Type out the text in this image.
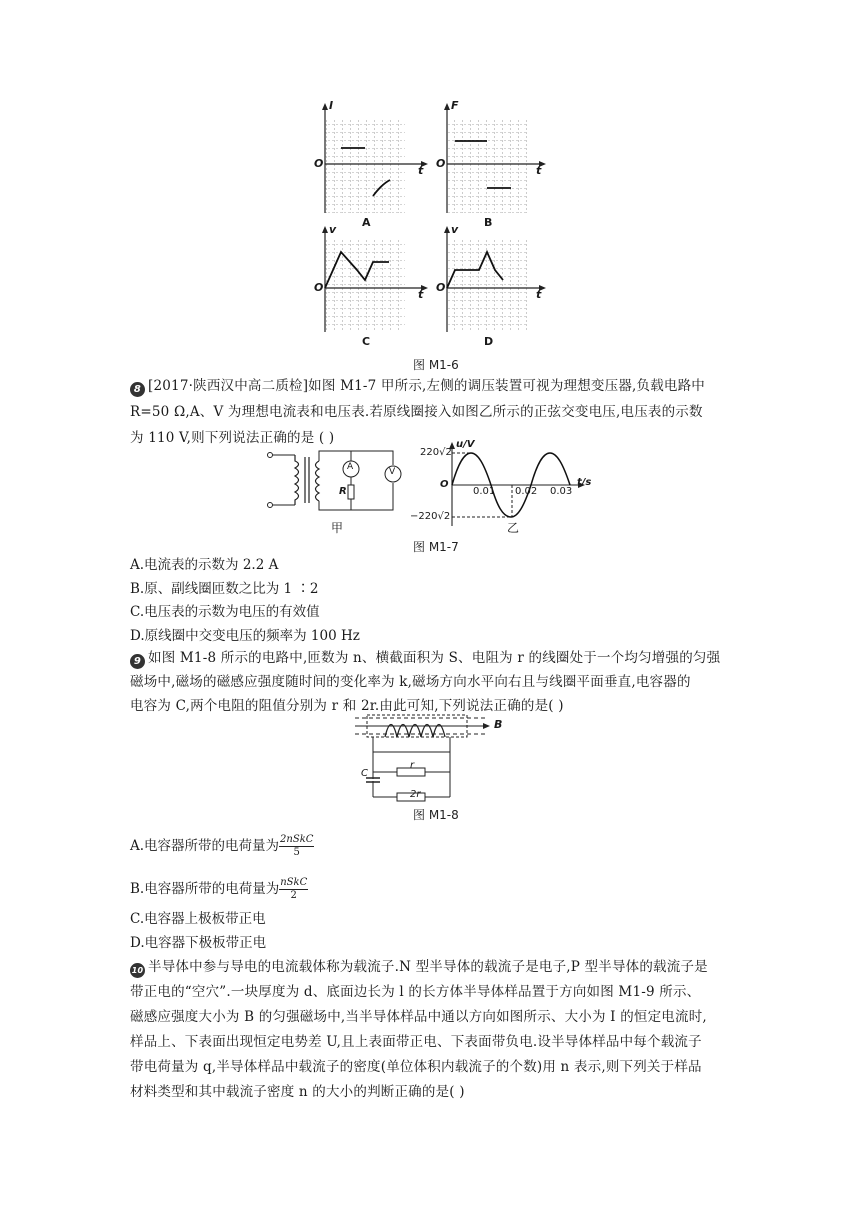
I
O
t
A
F
O
t
B
v
O
t
C
v
O
t
D
图 M1-6
8 [2017·陕西汉中高二质检]如图 M1-7 甲所示,左侧的调压装置可视为理想变压器,负载电路中
R=50 Ω,A、V 为理想电流表和电压表.若原线圈接入如图乙所示的正弦交变电压,电压表的示数
为 110 V,则下列说法正确的是 ( )
A	V
R
甲
u/V
220√2
O
0.01 0.02 0.03
t/s
−220√2
乙
图 M1-7
A.电流表的示数为 2.2 A
B.原、副线圈匝数之比为 1 ∶2
C.电压表的示数为电压的有效值
D.原线圈中交变电压的频率为 100 Hz
9 如图 M1-8 所示的电路中,匝数为 n、横截面积为 S、电阻为 r 的线圈处于一个均匀增强的匀强
磁场中,磁场的磁感应强度随时间的变化率为 k,磁场方向水平向右且与线圈平面垂直,电容器的
电容为 C,两个电阻的阻值分别为 r 和 2r.由此可知,下列说法正确的是( )
B
C
r
2r
图 M1-8
A.电容器所带的电荷量为 $\frac{\text{2nSkC}}{5}$
B.电容器所带的电荷量为 $\frac{\text{nSkC}}{2}$
C.电容器上极板带正电
D.电容器下极板带正电
10 半导体中参与导电的电流载体称为载流子.N 型半导体的载流子是电子,P 型半导体的载流子是
带正电的“空穴”.一块厚度为 d、底面边长为 l 的长方体半导体样品置于方向如图 M1-9 所示、
磁感应强度大小为 B 的匀强磁场中,当半导体样品中通以方向如图所示、大小为 I 的恒定电流时,
样品上、下表面出现恒定电势差 U,且上表面带正电、下表面带负电.设半导体样品中每个载流子
带电荷量为 q,半导体样品中载流子的密度(单位体积内载流子的个数)用 n 表示,则下列关于样品
材料类型和其中载流子密度 n 的大小的判断正确的是( )
